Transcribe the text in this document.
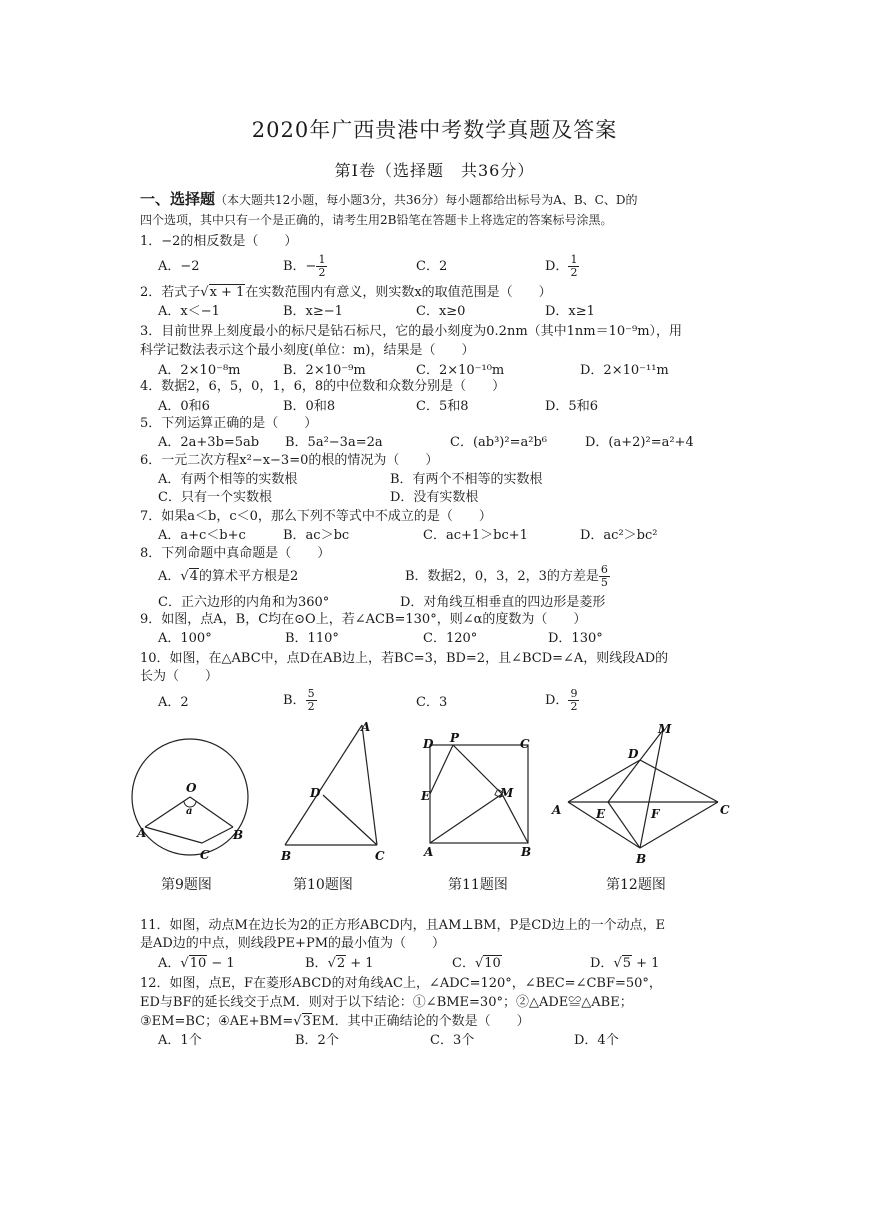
2020年广西贵港中考数学真题及答案
第Ⅰ卷（选择题　共36分）
一、选择题（本大题共12小题，每小题3分，共36分）每小题都给出标号为A、B、C、D的
四个选项，其中只有一个是正确的，请考生用2B铅笔在答题卡上将选定的答案标号涂黑。
1．−2的相反数是（　　）
A．−2	B．− $\frac{1}{2}$	C．2	D． $\frac{1}{2}$
2．若式子√x + 1在实数范围内有意义，则实数x的取值范围是（　　）
A．x＜−1	B．x≥−1	C．x≥0	D．x≥1
3．目前世界上刻度最小的标尺是钻石标尺，它的最小刻度为0.2nm（其中1nm＝10⁻⁹m），用
科学记数法表示这个最小刻度(单位：m)，结果是（　　）
A．2×10⁻⁸m	B．2×10⁻⁹m	C．2×10⁻¹⁰m	D．2×10⁻¹¹m
4．数据2，6，5，0，1，6，8的中位数和众数分别是（　　）
A．0和6	B．0和8	C．5和8	D．5和6
5．下列运算正确的是（　　）
A．2a+3b=5ab B．5a²−3a=2a	C．(ab³)²=a²b⁶	D．(a+2)²=a²+4
6．一元二次方程x²−x−3=0的根的情况为（　　）
A．有两个相等的实数根	B．有两个不相等的实数根
C．只有一个实数根	D．没有实数根
7．如果a＜b，c＜0，那么下列不等式中不成立的是（　　）
A．a+c＜b+c	B．ac＞bc	C．ac+1＞bc+1	D．ac²＞bc²
8．下列命题中真命题是（　　）
A．√4的算术平方根是2	B．数据2，0，3，2，3的方差是 $\frac{6}{5}$
C．正六边形的内角和为360°	D．对角线互相垂直的四边形是菱形
9．如图，点A，B，C均在⊙O上，若∠ACB=130°，则∠α的度数为（　　）
A．100°	B．110°	C．120°	D．130°
10．如图，在△ABC中，点D在AB边上，若BC=3，BD=2，且∠BCD=∠A，则线段AD的
长为（　　）
A．2	B． $\frac{5}{2}$	C．3	D． $\frac{9}{2}$
O
a
A	B
C
A
D
B	C
D P	C
E	M
A	B
M
D
A	E	F	C
B
第9题图	第10题图	第11题图	第12题图
11．如图，动点M在边长为2的正方形ABCD内，且AM⊥BM，P是CD边上的一个动点，E
是AD边的中点，则线段PE+PM的最小值为（　　）
A．√10 − 1	B．√2 + 1	C．√10	D．√5 + 1
12．如图，点E，F在菱形ABCD的对角线AC上，∠ADC=120°，∠BEC=∠CBF=50°，
ED与BF的延长线交于点M．则对于以下结论：①∠BME=30°；②△ADE≌△ABE；
③EM=BC；④AE+BM=√3EM．其中正确结论的个数是（　　）
A．1个	B．2个	C．3个	D．4个
